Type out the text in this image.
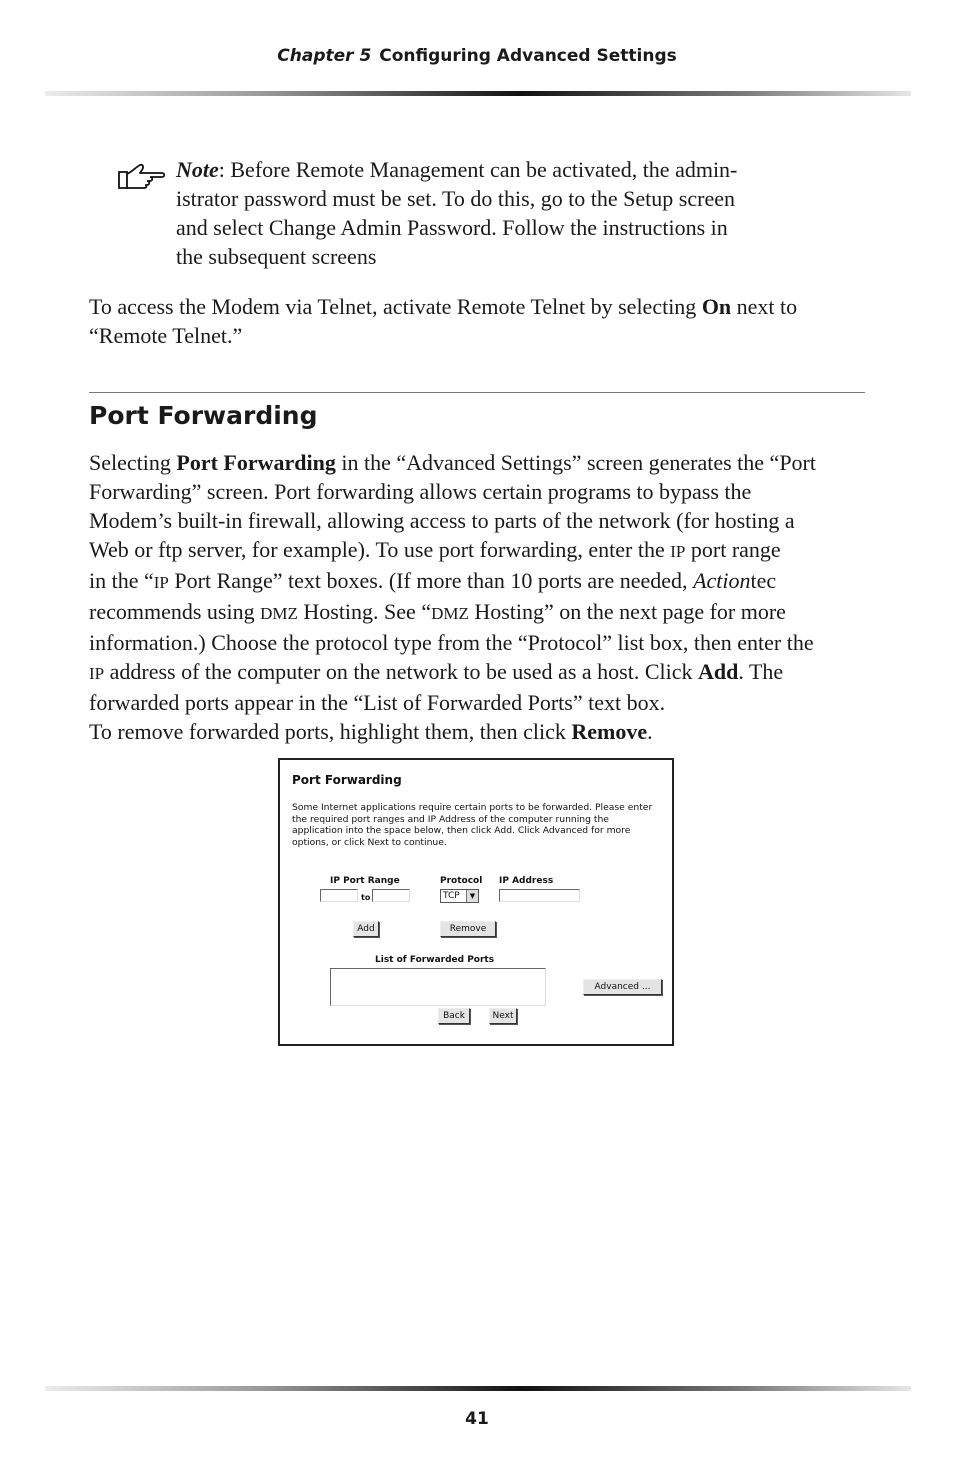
Chapter 5 Configuring Advanced Settings
Note: Before Remote Management can be activated, the admin-
istrator password must be set. To do this, go to the Setup screen
and select Change Admin Password. Follow the instructions in
the subsequent screens
To access the Modem via Telnet, activate Remote Telnet by selecting On next to
“Remote Telnet.”
Port Forwarding

Selecting Port Forwarding in the “Advanced Settings” screen generates the “Port

Forwarding” screen. Port forwarding allows certain programs to bypass the

Modem’s built-in firewall, allowing access to parts of the network (for hosting a

Web or ftp server, for example). To use port forwarding, enter the IP port range

in the “IP Port Range” text boxes. (If more than 10 ports are needed, Actiontec

recommends using DMZ Hosting. See “DMZ Hosting” on the next page for more

information.) Choose the protocol type from the “Protocol” list box, then enter the

IP address of the computer on the network to be used as a host. Click Add. The

forwarded ports appear in the “List of Forwarded Ports” text box.

To remove forwarded ports, highlight them, then click Remove.

Port Forwarding
Some Internet applications require certain ports to be forwarded. Please enter the required port ranges and IP Address of the computer running the application into the space below, then click Add. Click Advanced for more options, or click Next to continue.
IP Port Range	Protocol IP Address
to	TCP	▼
Add	Remove
List of Forwarded Ports
Advanced ...
Back	Next
41
